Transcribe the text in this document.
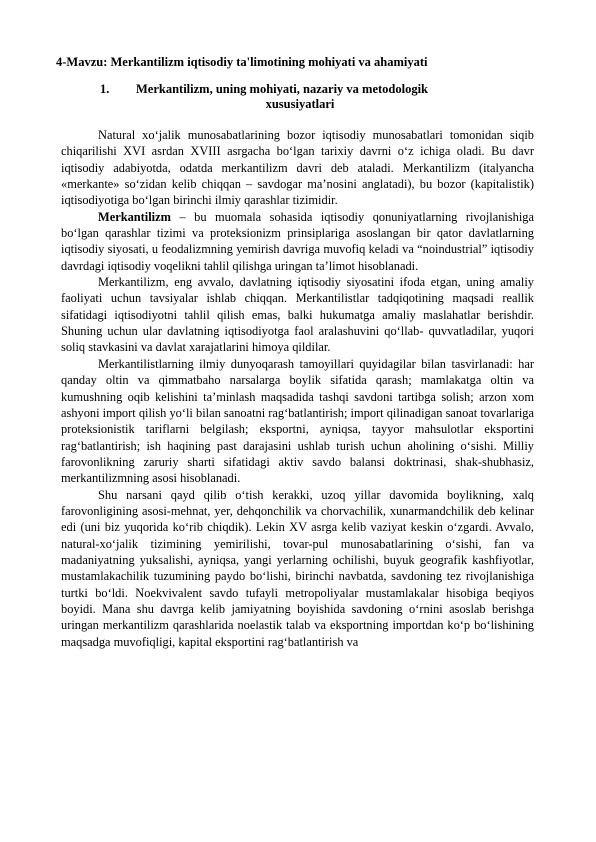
4-Mavzu: Merkantilizm iqtisodiy ta'limotining mohiyati va ahamiyati
1. Merkantilizm, uning mohiyati, nazariy va metodologik
xususiyatlari

Natural xo‘jalik munosabatlarining bozor iqtisodiy munosabatlari tomonidan siqib chiqarilishi XVI asrdan XVIII asrgacha bo‘lgan tarixiy davrni o‘z ichiga oladi. Bu davr iqtisodiy adabiyotda, odatda merkantilizm davri deb ataladi. Merkantilizm (italyancha «merkante» so‘zidan kelib chiqqan – savdogar ma’nosini anglatadi), bu bozor (kapitalistik) iqtisodiyotiga bo‘lgan birinchi ilmiy qarashlar tizimidir.

Merkantilizm – bu muomala sohasida iqtisodiy qonuniyatlarning rivojlanishiga bo‘lgan qarashlar tizimi va proteksionizm prinsiplariga asoslangan bir qator davlatlarning iqtisodiy siyosati, u feodalizmning yemirish davriga muvofiq keladi va “noindustrial” iqtisodiy davrdagi iqtisodiy voqelikni tahlil qilishga uringan ta’limot hisoblanadi.

Merkantilizm, eng avvalo, davlatning iqtisodiy siyosatini ifoda etgan, uning amaliy faoliyati uchun tavsiyalar ishlab chiqqan. Merkantilistlar tadqiqotining maqsadi reallik sifatidagi iqtisodiyotni tahlil qilish emas, balki hukumatga amaliy maslahatlar berishdir. Shuning uchun ular davlatning iqtisodiyotga faol aralashuvini qo‘llab- quvvatladilar, yuqori soliq stavkasini va davlat xarajatlarini himoya qildilar.

Merkantilistlarning ilmiy dunyoqarash tamoyillari quyidagilar bilan tasvirlanadi: har qanday oltin va qimmatbaho narsalarga boylik sifatida qarash; mamlakatga oltin va kumushning oqib kelishini ta’minlash maqsadida tashqi savdoni tartibga solish; arzon xom ashyoni import qilish yo‘li bilan sanoatni rag‘batlantirish; import qilinadigan sanoat tovarlariga proteksionistik tariflarni belgilash; eksportni, ayniqsa, tayyor mahsulotlar eksportini rag‘batlantirish; ish haqining past darajasini ushlab turish uchun aholining o‘sishi. Milliy farovonlikning zaruriy sharti sifatidagi aktiv savdo balansi doktrinasi, shak-shubhasiz, merkantilizmning asosi hisoblanadi.

Shu narsani qayd qilib o‘tish kerakki, uzoq yillar davomida boylikning, xalq farovonligining asosi-mehnat, yer, dehqonchilik va chorvachilik, xunarmandchilik deb kelinar edi (uni biz yuqorida ko‘rib chiqdik). Lekin XV asrga kelib vaziyat keskin o‘zgardi. Avvalo, natural-xo‘jalik tizimining yemirilishi, tovar-pul munosabatlarining o‘sishi, fan va madaniyatning yuksalishi, ayniqsa, yangi yerlarning ochilishi, buyuk geografik kashfiyotlar, mustamlakachilik tuzumining paydo bo‘lishi, birinchi navbatda, savdoning tez rivojlanishiga turtki bo‘ldi. Noekvivalent savdo tufayli metropoliyalar mustamlakalar hisobiga beqiyos boyidi. Mana shu davrga kelib jamiyatning boyishida savdoning o‘rnini asoslab berishga uringan merkantilizm qarashlarida noelastik talab va eksportning importdan ko‘p bo‘lishining maqsadga muvofiqligi, kapital eksportini rag‘batlantirish va
